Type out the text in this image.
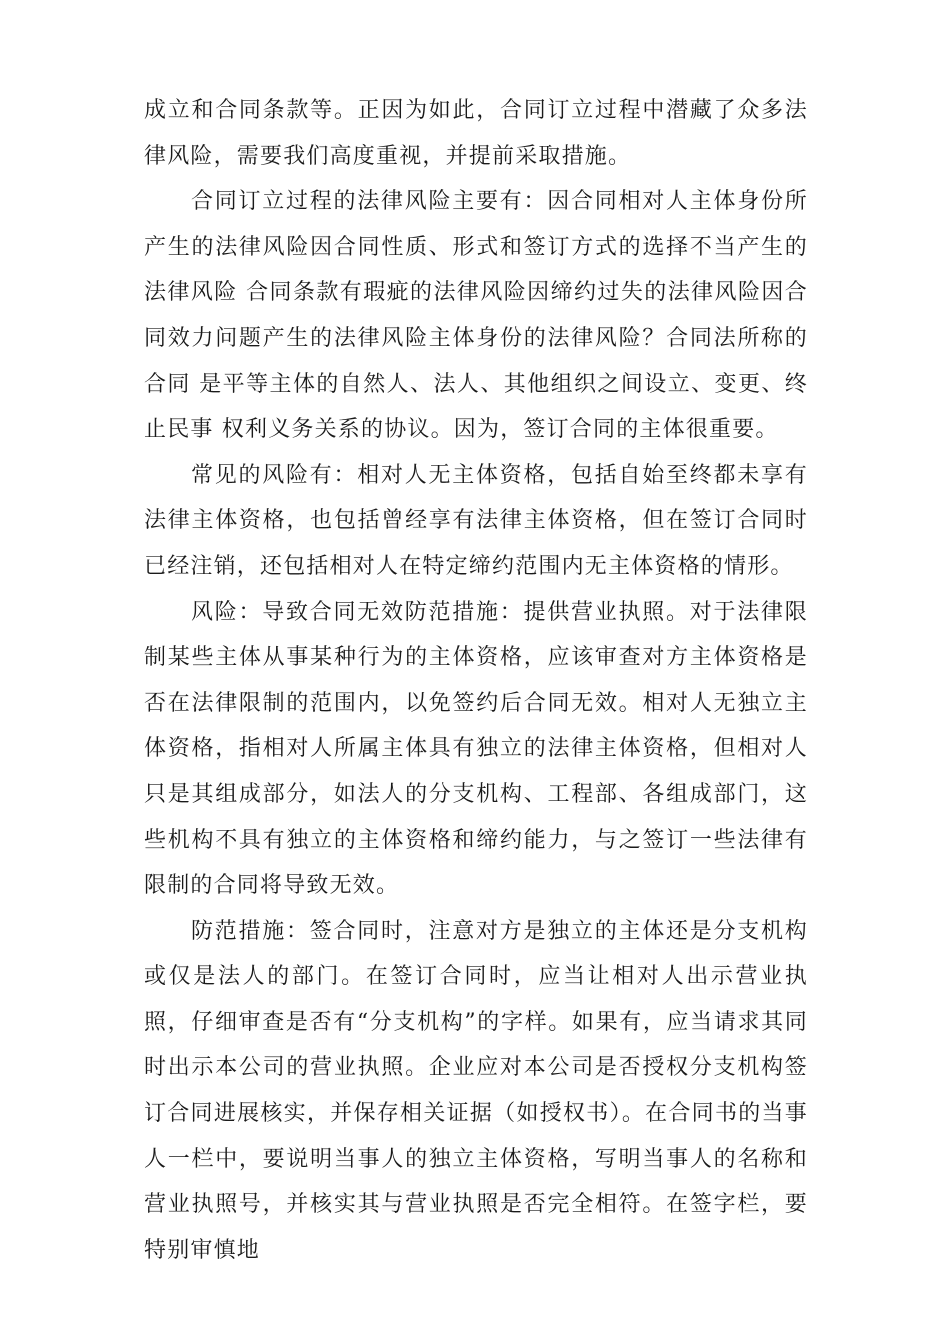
成立和合同条款等。正因为如此，合同订立过程中潜藏了众多法律风险，需要我们高度重视，并提前采取措施。

合同订立过程的法律风险主要有：因合同相对人主体身份所产生的法律风险因合同性质、形式和签订方式的选择不当产生的法律风险 合同条款有瑕疵的法律风险因缔约过失的法律风险因合同效力问题产生的法律风险主体身份的法律风险？合同法所称的合同 是平等主体的自然人、法人、其他组织之间设立、变更、终止民事 权利义务关系的协议。因为，签订合同的主体很重要。

常见的风险有：相对人无主体资格，包括自始至终都未享有法律主体资格，也包括曾经享有法律主体资格，但在签订合同时已经注销，还包括相对人在特定缔约范围内无主体资格的情形。

风险：导致合同无效防范措施：提供营业执照。对于法律限制某些主体从事某种行为的主体资格，应该审查对方主体资格是否在法律限制的范围内，以免签约后合同无效。相对人无独立主体资格，指相对人所属主体具有独立的法律主体资格，但相对人只是其组成部分，如法人的分支机构、工程部、各组成部门，这些机构不具有独立的主体资格和缔约能力，与之签订一些法律有限制的合同将导致无效。

防范措施：签合同时，注意对方是独立的主体还是分支机构或仅是法人的部门。在签订合同时，应当让相对人出示营业执照，仔细审查是否有“分支机构”的字样。如果有，应当请求其同时出示本公司的营业执照。企业应对本公司是否授权分支机构签订合同进展核实，并保存相关证据（如授权书）。在合同书的当事人一栏中，要说明当事人的独立主体资格，写明当事人的名称和营业执照号，并核实其与营业执照是否完全相符。在签字栏，要特别审慎地
